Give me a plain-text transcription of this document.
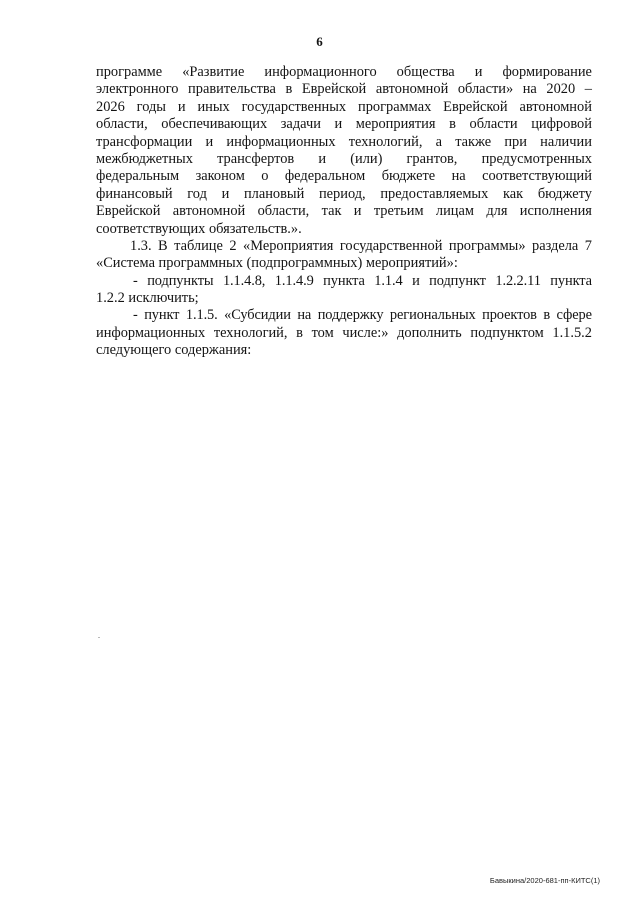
6
программе «Развитие информационного общества и формирование
электронного правительства в Еврейской автономной области» на 2020 –
2026 годы и иных государственных программах Еврейской автономной
области, обеспечивающих задачи и мероприятия в области цифровой
трансформации и информационных технологий, а также при наличии
межбюджетных трансфертов и (или) грантов, предусмотренных
федеральным законом о федеральном бюджете на соответствующий
финансовый год и плановый период, предоставляемых как бюджету
Еврейской автономной области, так и третьим лицам для исполнения
соответствующих обязательств.».
1.3. В таблице 2 «Мероприятия государственной программы» раздела 7
«Система программных (подпрограммных) мероприятий»:
- подпункты 1.1.4.8, 1.1.4.9 пункта 1.1.4 и подпункт 1.2.2.11 пункта
1.2.2 исключить;
- пункт 1.1.5. «Субсидии на поддержку региональных проектов в сфере
информационных технологий, в том числе:» дополнить подпунктом 1.1.5.2
следующего содержания:
Бавыкина/2020-681-пп-КИТС(1)
